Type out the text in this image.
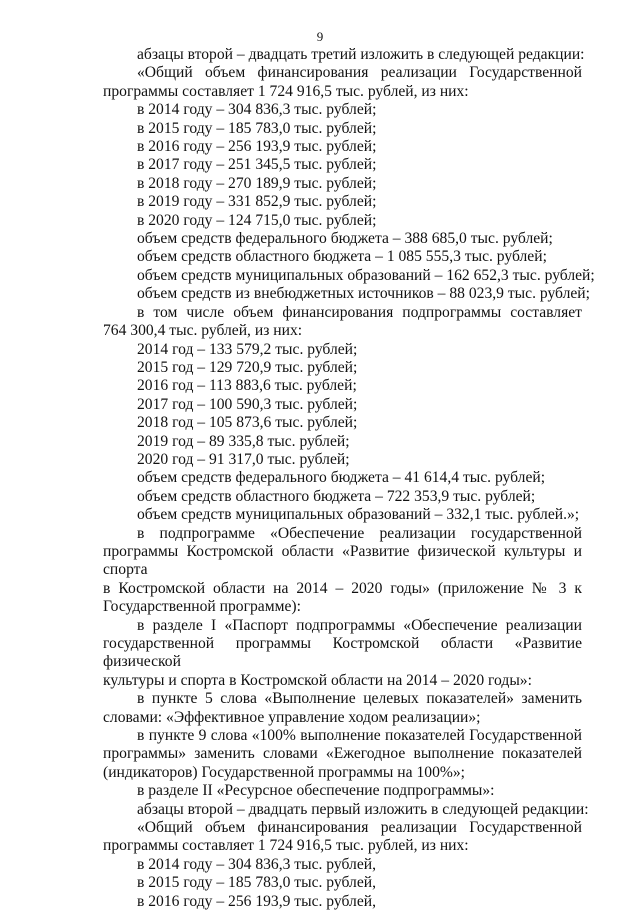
9
абзацы второй – двадцать третий изложить в следующей редакции:
«Общий объем финансирования реализации Государственной
программы составляет 1 724 916,5 тыс. рублей, из них:
в 2014 году – 304 836,3 тыс. рублей;
в 2015 году – 185 783,0 тыс. рублей;
в 2016 году – 256 193,9 тыс. рублей;
в 2017 году – 251 345,5 тыс. рублей;
в 2018 году – 270 189,9 тыс. рублей;
в 2019 году – 331 852,9 тыс. рублей;
в 2020 году – 124 715,0 тыс. рублей;
объем средств федерального бюджета – 388 685,0 тыс. рублей;
объем средств областного бюджета – 1 085 555,3 тыс. рублей;
объем средств муниципальных образований – 162 652,3 тыс. рублей;
объем средств из внебюджетных источников – 88 023,9 тыс. рублей;
в том числе объем финансирования подпрограммы составляет
764 300,4 тыс. рублей, из них:
2014 год – 133 579,2 тыс. рублей;
2015 год – 129 720,9 тыс. рублей;
2016 год – 113 883,6 тыс. рублей;
2017 год – 100 590,3 тыс. рублей;
2018 год – 105 873,6 тыс. рублей;
2019 год – 89 335,8 тыс. рублей;
2020 год – 91 317,0 тыс. рублей;
объем средств федерального бюджета – 41 614,4 тыс. рублей;
объем средств областного бюджета – 722 353,9 тыс. рублей;
объем средств муниципальных образований – 332,1 тыс. рублей.»;
в подпрограмме «Обеспечение реализации государственной
программы Костромской области «Развитие физической культуры и спорта
в Костромской области на 2014 – 2020 годы» (приложение № 3 к
Государственной программе):
в разделе I «Паспорт подпрограммы «Обеспечение реализации
государственной программы Костромской области «Развитие физической
культуры и спорта в Костромской области на 2014 – 2020 годы»:
в пункте 5 слова «Выполнение целевых показателей» заменить
словами: «Эффективное управление ходом реализации»;
в пункте 9 слова «100% выполнение показателей Государственной
программы» заменить словами «Ежегодное выполнение показателей
(индикаторов) Государственной программы на 100%»;
в разделе II «Ресурсное обеспечение подпрограммы»:
абзацы второй – двадцать первый изложить в следующей редакции:
«Общий объем финансирования реализации Государственной
программы составляет 1 724 916,5 тыс. рублей, из них:
в 2014 году – 304 836,3 тыс. рублей,
в 2015 году – 185 783,0 тыс. рублей,
в 2016 году – 256 193,9 тыс. рублей,
